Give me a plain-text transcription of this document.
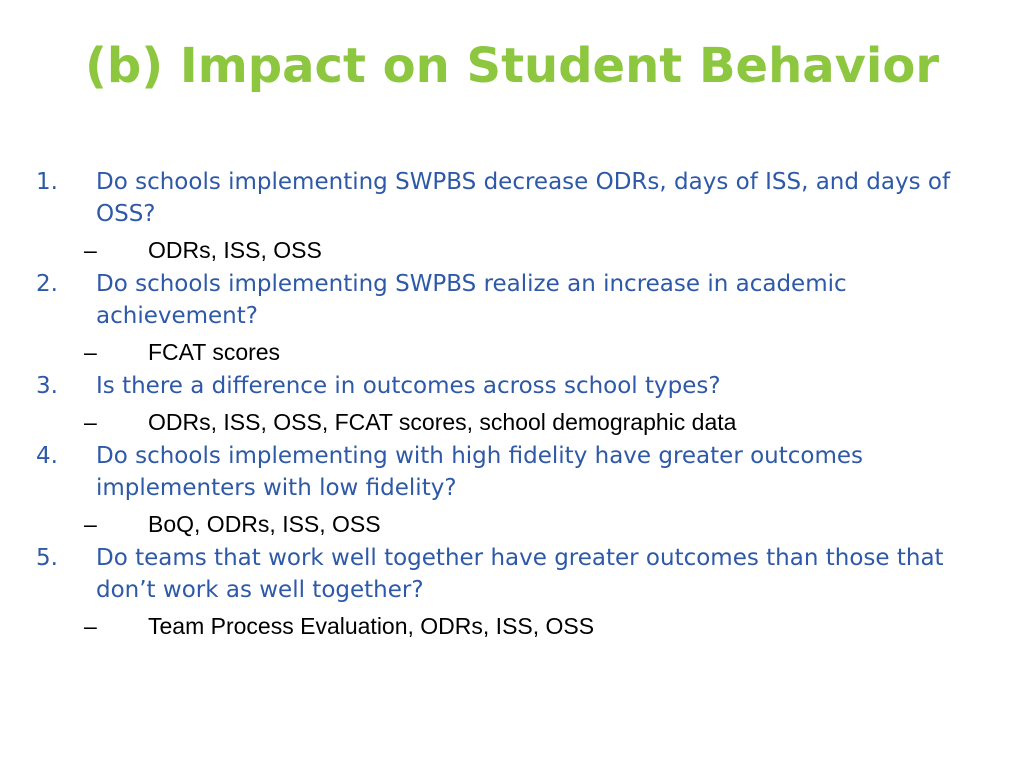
(b) Impact on Student Behavior
1.	Do schools implementing SWPBS decrease ODRs, days of ISS, and days of OSS?
–	ODRs, ISS, OSS
2.	Do schools implementing SWPBS realize an increase in academic achievement?
–	FCAT scores
3.	Is there a difference in outcomes across school types?
–	ODRs, ISS, OSS, FCAT scores, school demographic data
4.	Do schools implementing with high fidelity have greater outcomes implementers with low fidelity?
–	BoQ, ODRs, ISS, OSS
5.	Do teams that work well together have greater outcomes than those that don’t work as well together?
–	Team Process Evaluation, ODRs, ISS, OSS
